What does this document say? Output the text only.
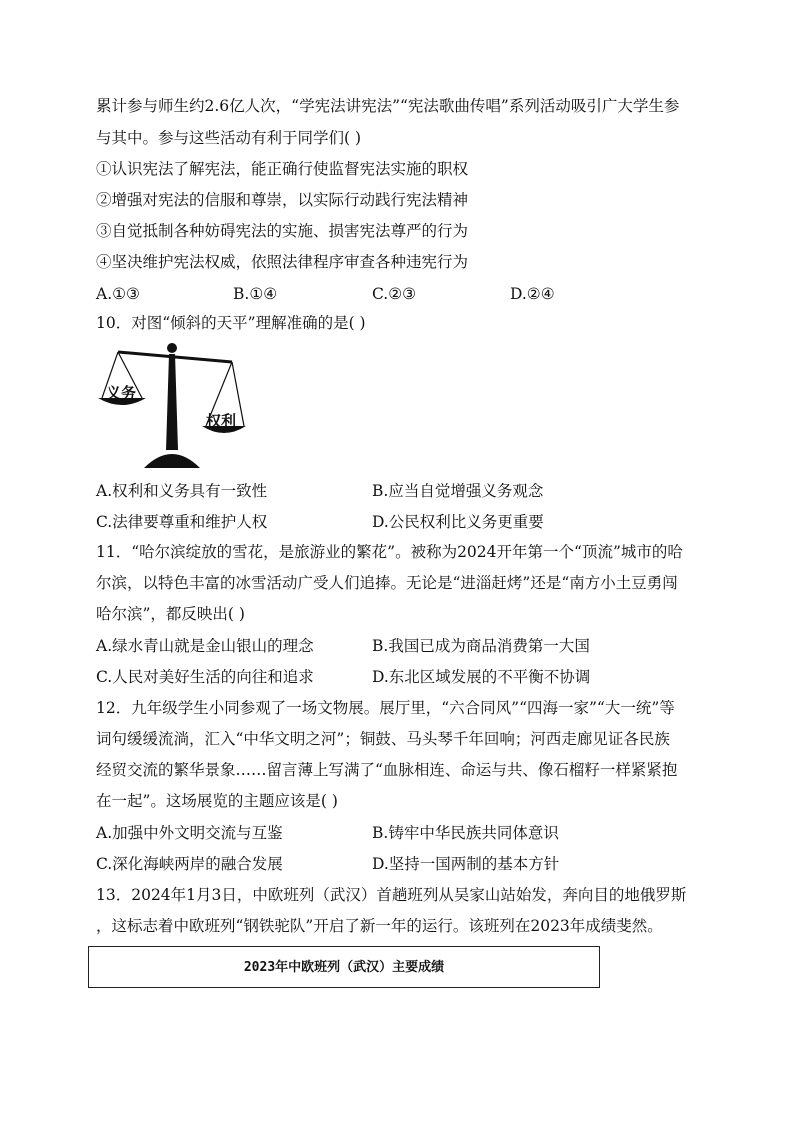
累计参与师生约2.6亿人次，“学宪法讲宪法”“宪法歌曲传唱”系列活动吸引广大学生参
与其中。参与这些活动有利于同学们( )
①认识宪法了解宪法，能正确行使监督宪法实施的职权
②增强对宪法的信服和尊崇，以实际行动践行宪法精神
③自觉抵制各种妨碍宪法的实施、损害宪法尊严的行为
④坚决维护宪法权威，依照法律程序审查各种违宪行为
A.①③	B.①④	C.②③	D.②④
10．对图“倾斜的天平”理解准确的是( )
义务
权利
A.权利和义务具有一致性	B.应当自觉增强义务观念
C.法律要尊重和维护人权	D.公民权利比义务更重要
11．“哈尔滨绽放的雪花，是旅游业的繁花”。被称为2024开年第一个“顶流”城市的哈
尔滨，以特色丰富的冰雪活动广受人们追捧。无论是“进淄赶烤”还是“南方小土豆勇闯
哈尔滨”，都反映出( )
A.绿水青山就是金山银山的理念	B.我国已成为商品消费第一大国
C.人民对美好生活的向往和追求	D.东北区域发展的不平衡不协调
12．九年级学生小同参观了一场文物展。展厅里，“六合同风”“四海一家”“大一统”等
词句缓缓流淌，汇入“中华文明之河”；铜鼓、马头琴千年回响；河西走廊见证各民族
经贸交流的繁华景象……留言薄上写满了“血脉相连、命运与共、像石榴籽一样紧紧抱
在一起”。这场展览的主题应该是( )
A.加强中外文明交流与互鉴	B.铸牢中华民族共同体意识
C.深化海峡两岸的融合发展	D.坚持一国两制的基本方针
13．2024年1月3日，中欧班列（武汉）首趟班列从吴家山站始发，奔向目的地俄罗斯
，这标志着中欧班列“钢铁驼队”开启了新一年的运行。该班列在2023年成绩斐然。
2023年中欧班列（武汉）主要成绩
